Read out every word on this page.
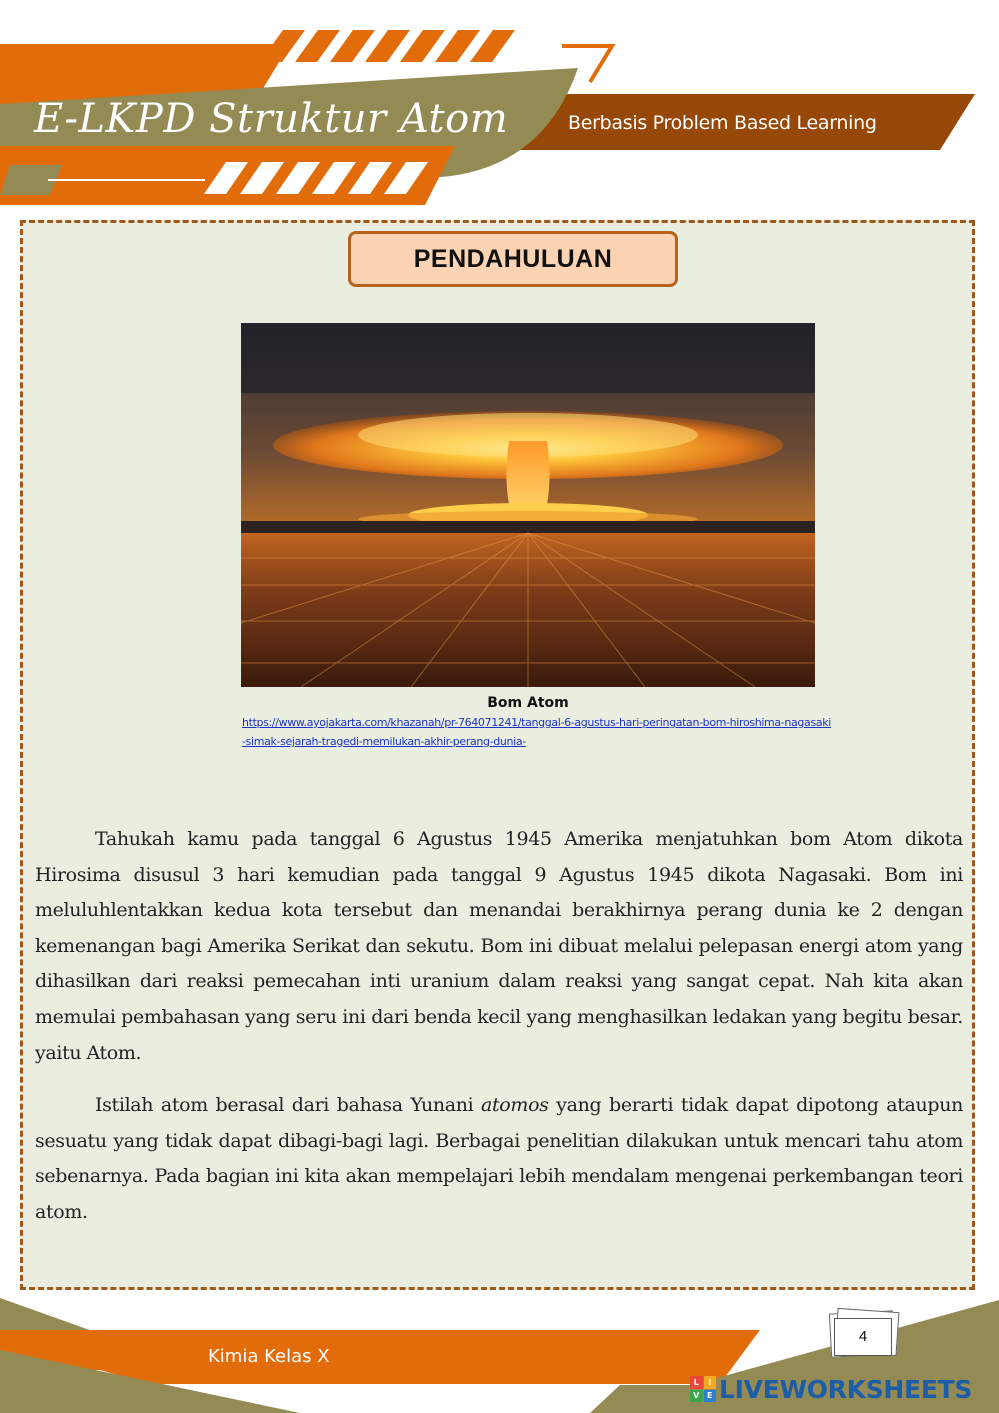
E-LKPD Struktur Atom	Berbasis Problem Based Learning
PENDAHULUAN
Bom Atom
https://www.ayojakarta.com/khazanah/pr-764071241/tanggal-6-agustus-hari-peringatan-bom-hiroshima-nagasaki-simak-sejarah-tragedi-memilukan-akhir-perang-dunia-

Tahukah kamu pada tanggal 6 Agustus 1945 Amerika menjatuhkan bom Atom dikota Hirosima disusul 3 hari kemudian pada tanggal 9 Agustus 1945 dikota Nagasaki. Bom ini meluluhlentakkan kedua kota tersebut dan menandai berakhirnya perang dunia ke 2 dengan kemenangan bagi Amerika Serikat dan sekutu. Bom ini dibuat melalui pelepasan energi atom yang dihasilkan dari reaksi pemecahan inti uranium dalam reaksi yang sangat cepat. Nah kita akan memulai pembahasan yang seru ini dari benda kecil yang menghasilkan ledakan yang begitu besar. yaitu Atom.

Istilah atom berasal dari bahasa Yunani atomos yang berarti tidak dapat dipotong ataupun sesuatu yang tidak dapat dibagi-bagi lagi. Berbagai penelitian dilakukan untuk mencari tahu atom sebenarnya. Pada bagian ini kita akan mempelajari lebih mendalam mengenai perkembangan teori atom.

Kimia Kelas X
4
L	I
V E LIVEWORKSHEETS
